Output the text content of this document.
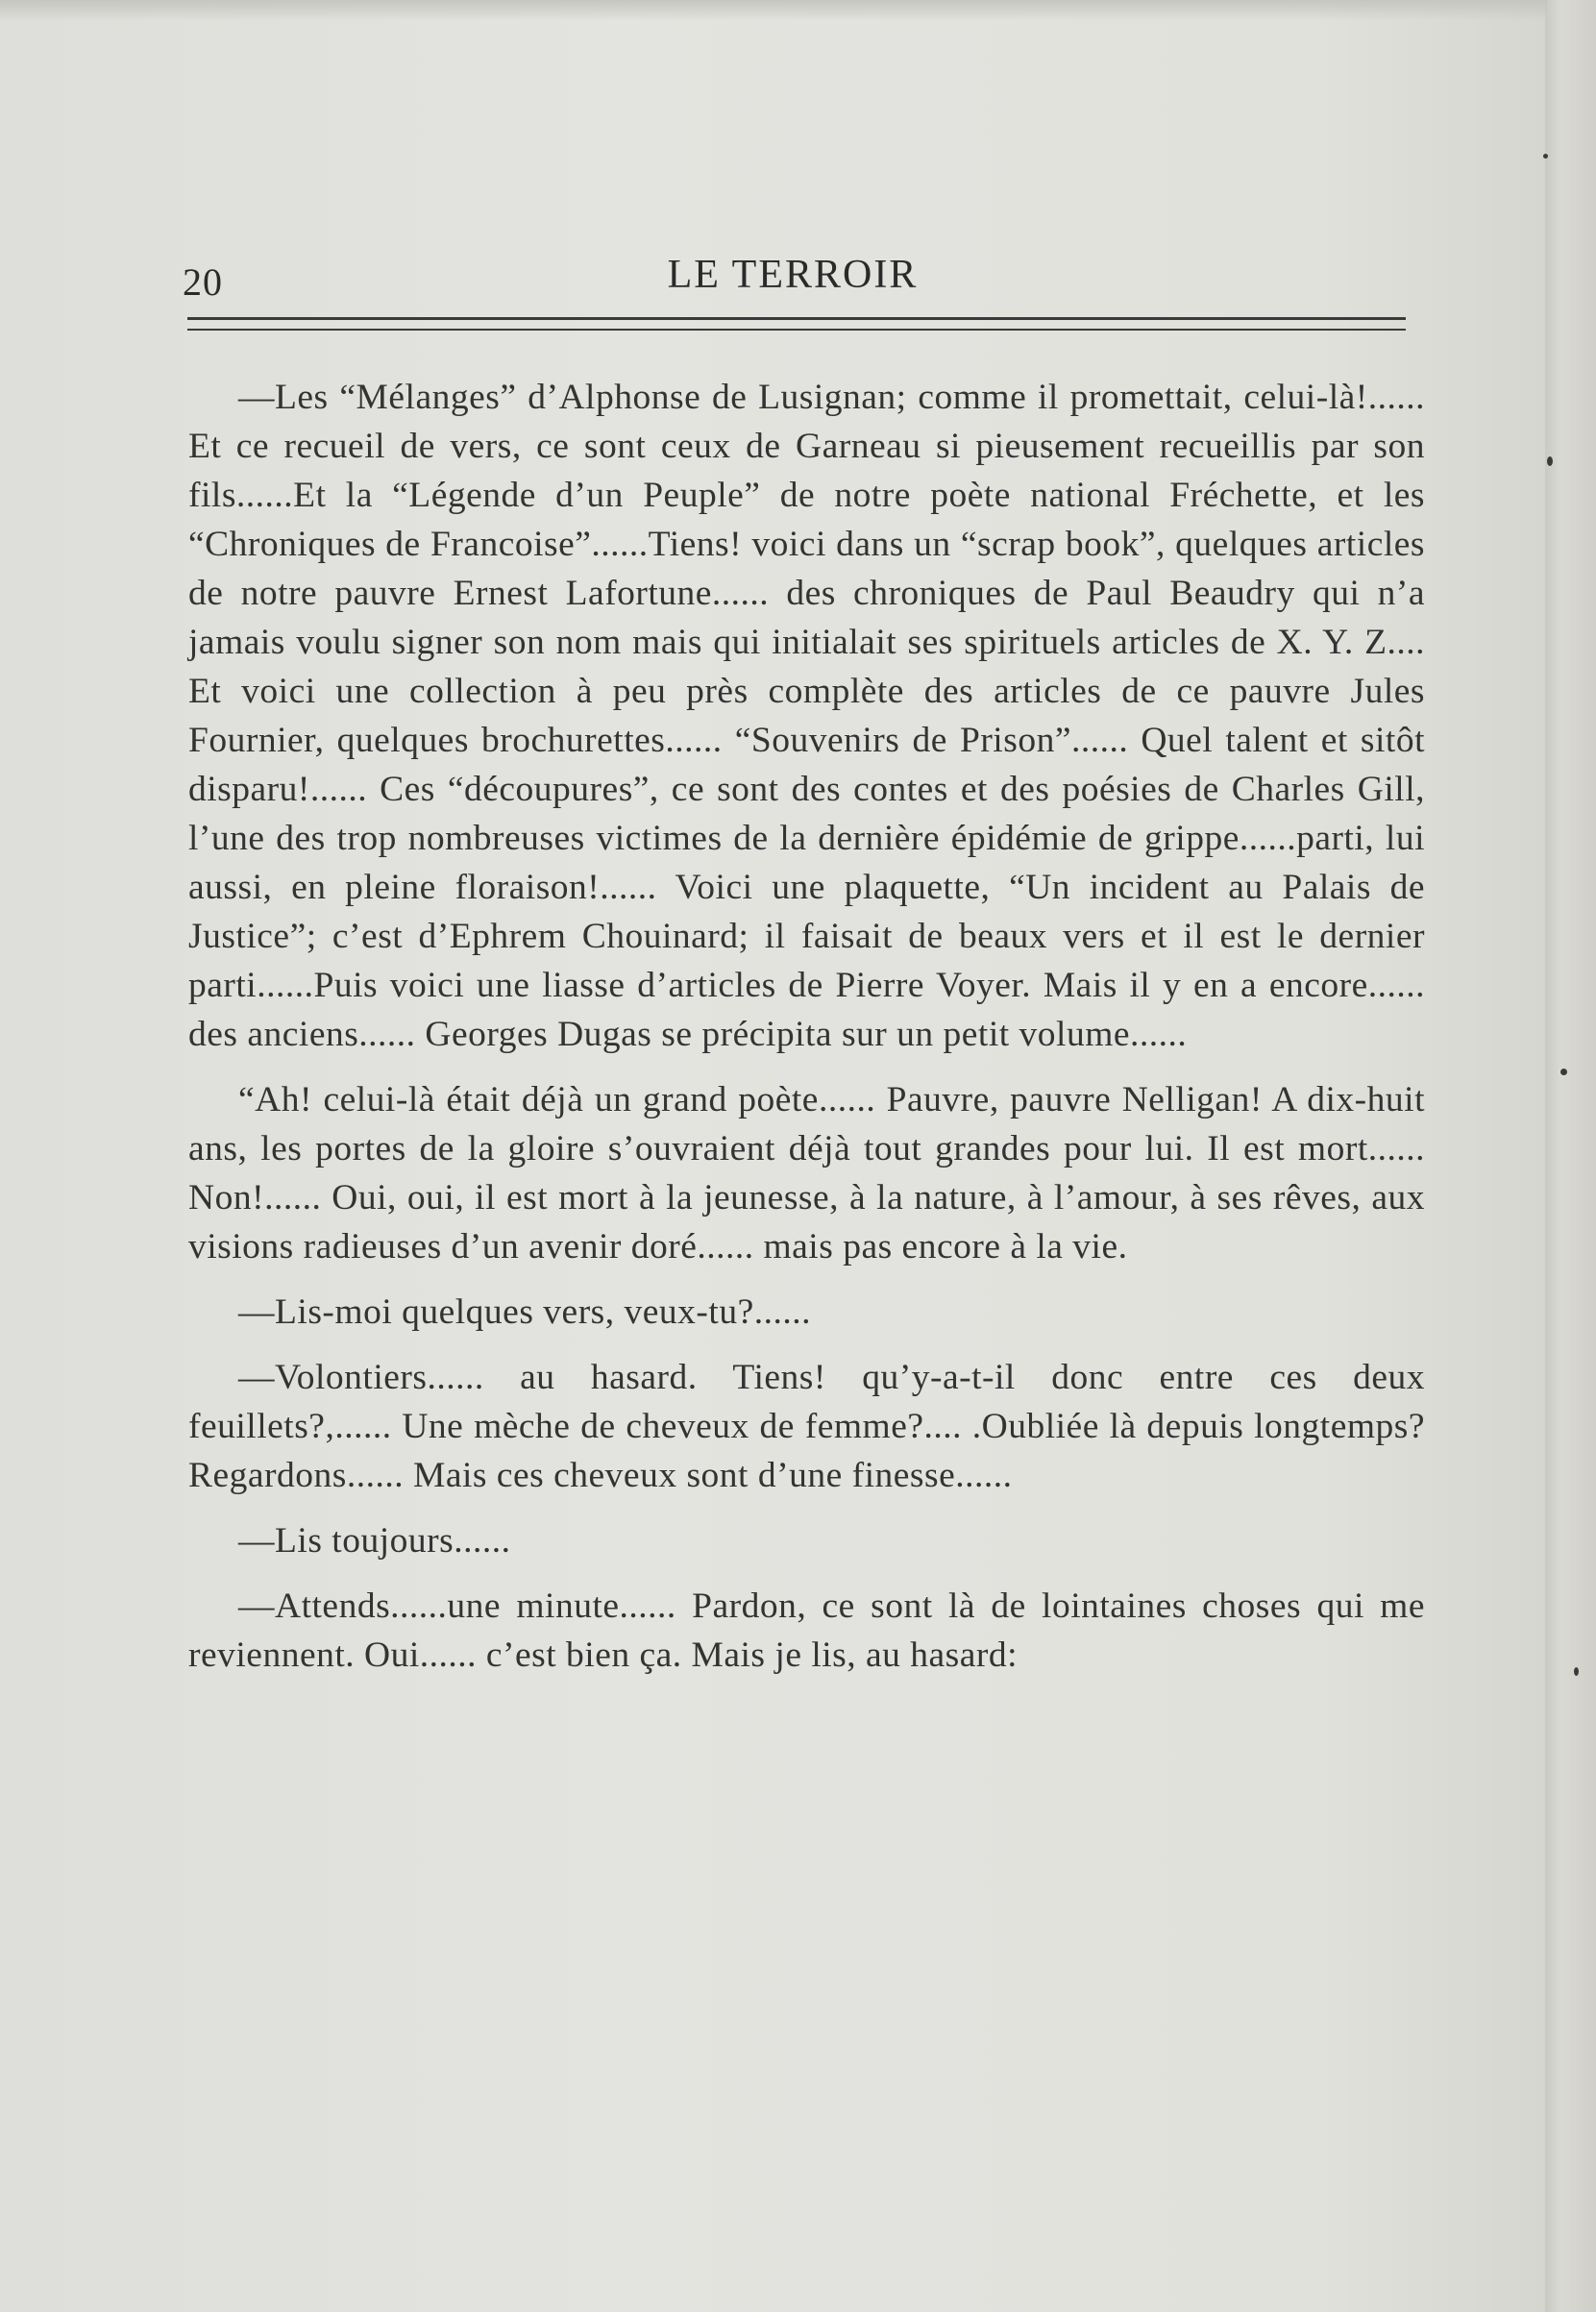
20	LE TERROIR

—Les “Mélanges” d’Alphonse de Lusignan; comme il promettait, celui-là!...... Et ce recueil de vers, ce sont ceux de Garneau si pieusement recueillis par son fils......Et la “Légende d’un Peuple” de notre poète national Fréchette, et les “Chroniques de Francoise”......Tiens! voici dans un “scrap book”, quelques articles de notre pauvre Ernest Lafortune...... des chroniques de Paul Beaudry qui n’a jamais voulu signer son nom mais qui initialait ses spirituels articles de X. Y. Z.... Et voici une collection à peu près complète des articles de ce pauvre Jules Fournier, quelques brochurettes...... “Souvenirs de Prison”...... Quel talent et sitôt disparu!...... Ces “découpures”, ce sont des contes et des poésies de Charles Gill, l’une des trop nombreuses victimes de la dernière épidémie de grippe......parti, lui aussi, en pleine floraison!...... Voici une plaquette, “Un incident au Palais de Justice”; c’est d’Ephrem Chouinard; il faisait de beaux vers et il est le dernier parti......Puis voici une liasse d’articles de Pierre Voyer. Mais il y en a encore...... des anciens...... Georges Dugas se précipita sur un petit volume......

“Ah! celui-là était déjà un grand poète...... Pauvre, pauvre Nelligan! A dix-huit ans, les portes de la gloire s’ouvraient déjà tout grandes pour lui. Il est mort...... Non!...... Oui, oui, il est mort à la jeunesse, à la nature, à l’amour, à ses rêves, aux visions radieuses d’un avenir doré...... mais pas encore à la vie.

—Lis-moi quelques vers, veux-tu?......

—Volontiers...... au hasard. Tiens! qu’y-a-t-il donc entre ces deux feuillets?,...... Une mèche de cheveux de femme?.... .Oubliée là depuis longtemps? Regardons...... Mais ces cheveux sont d’une finesse......

—Lis toujours......

—Attends......une minute...... Pardon, ce sont là de lointaines choses qui me reviennent. Oui...... c’est bien ça. Mais je lis, au hasard:
